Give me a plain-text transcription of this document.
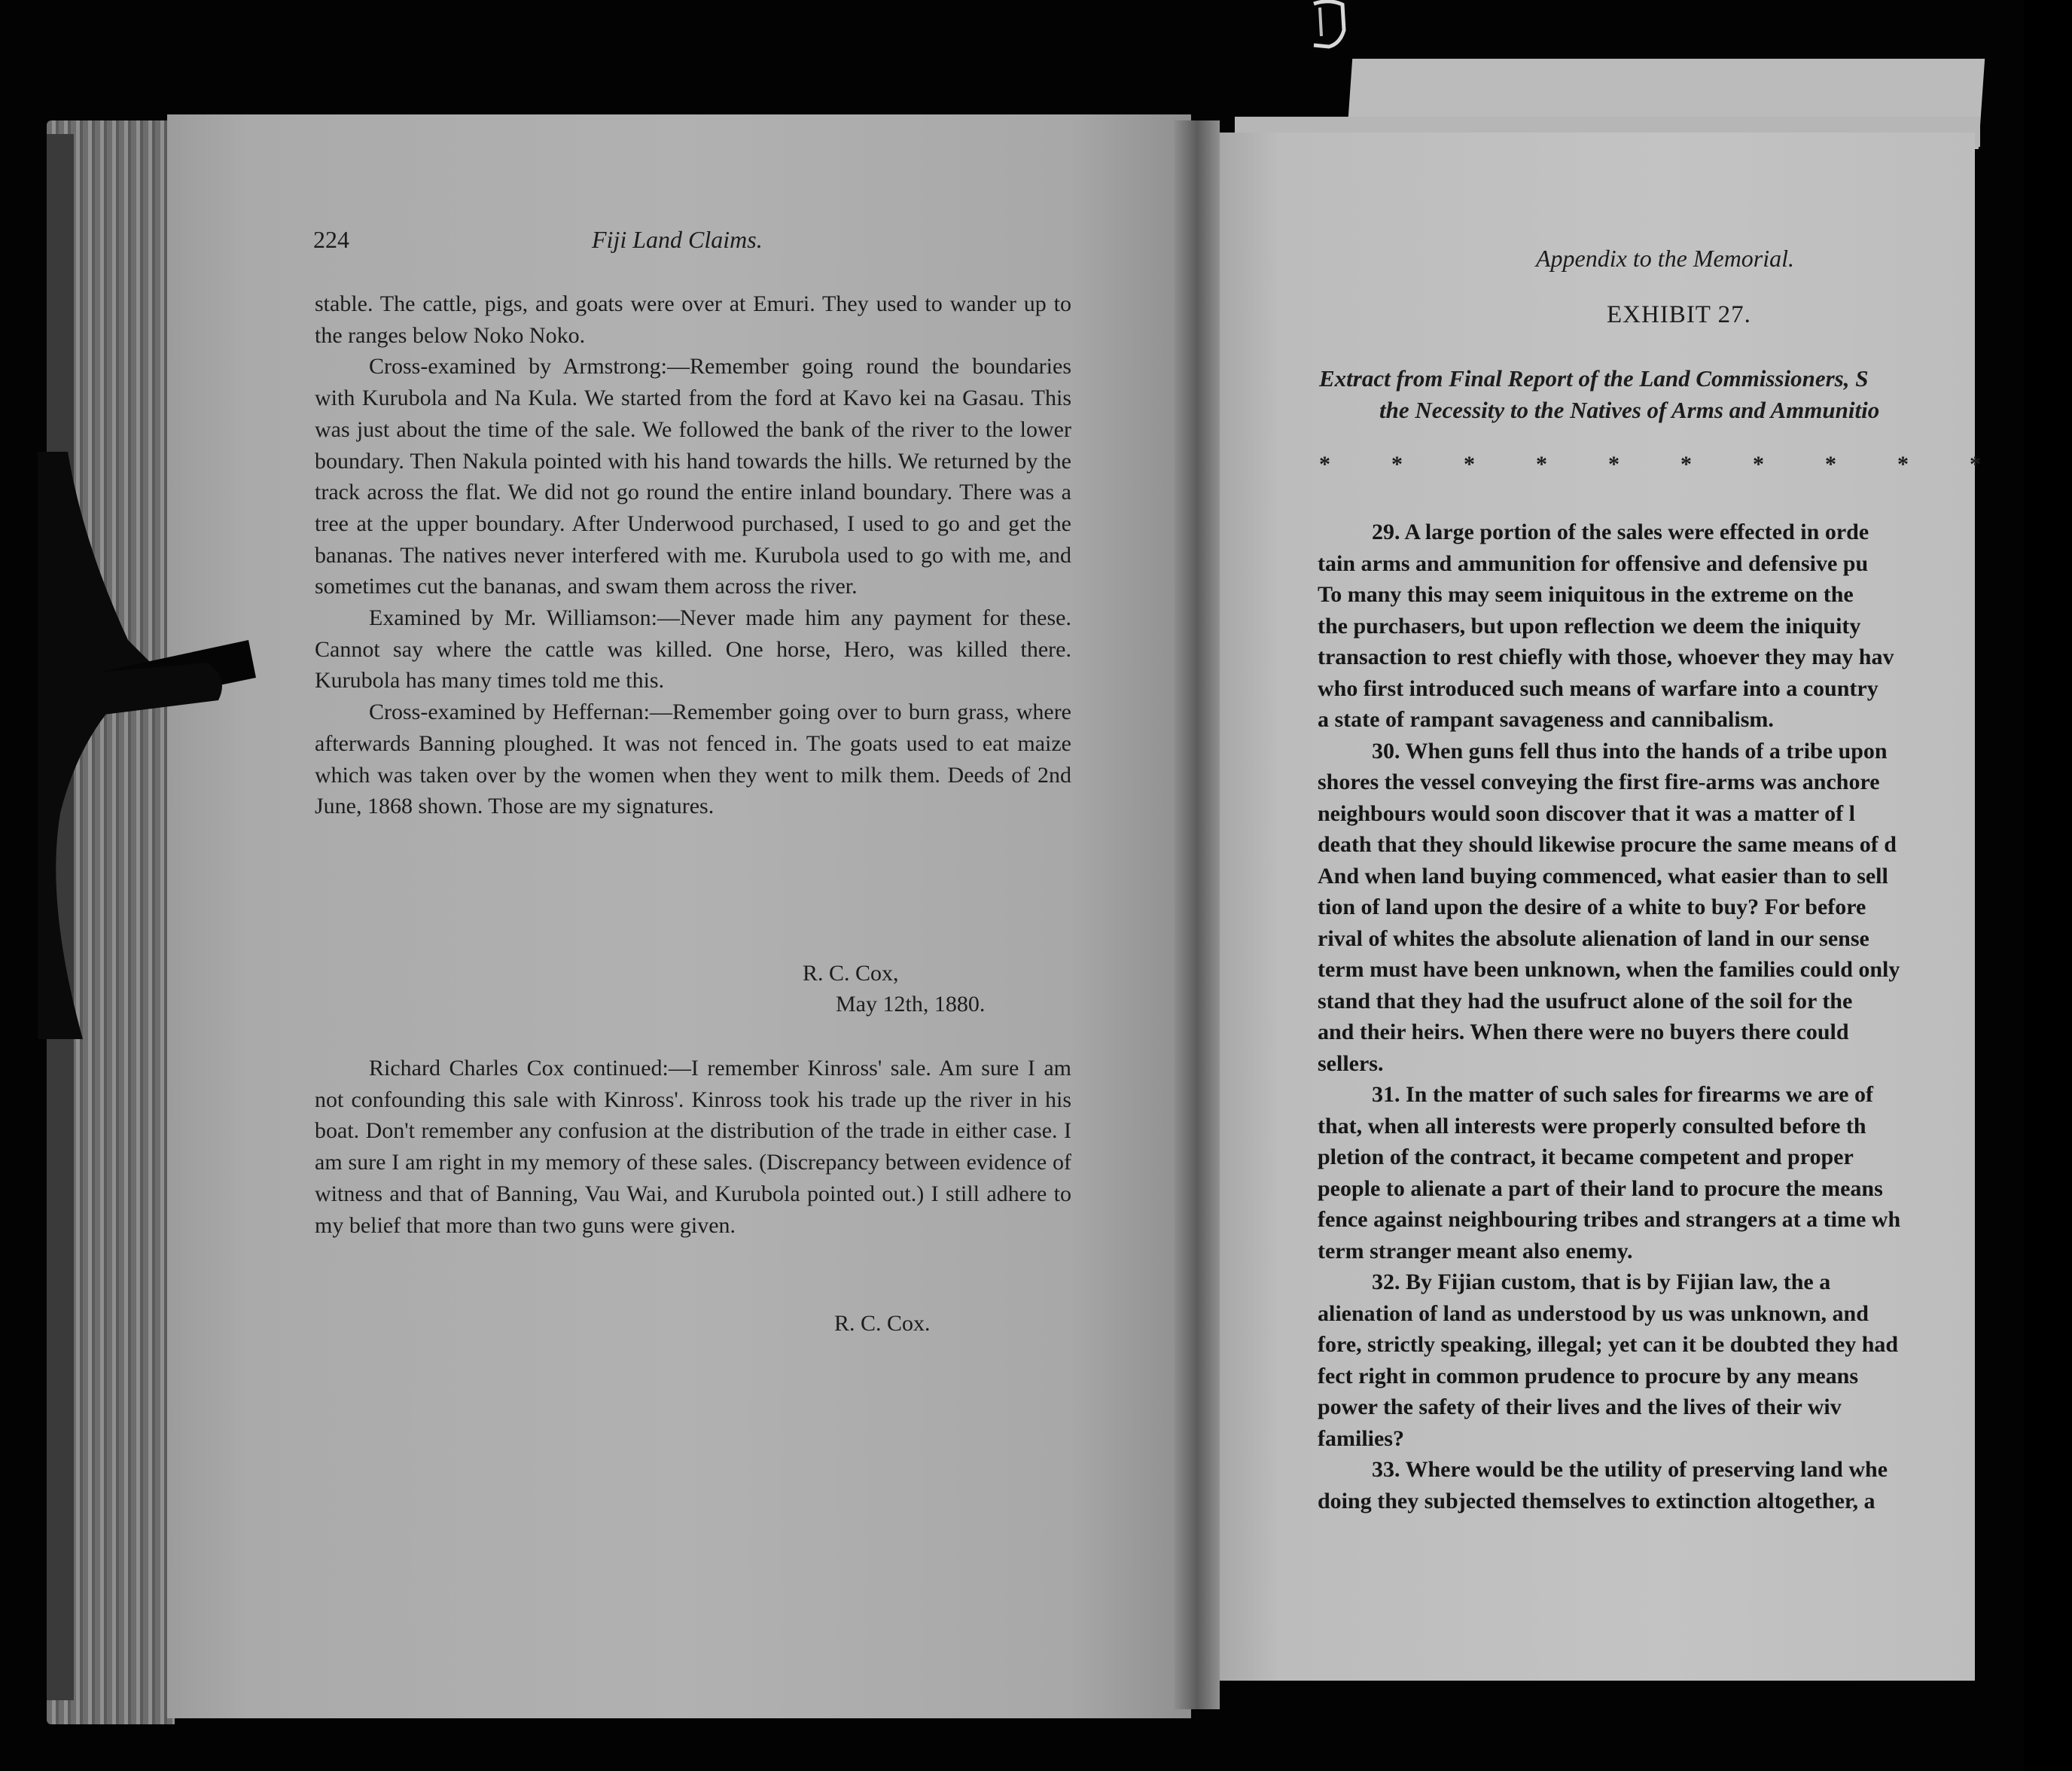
224	Fiji Land Claims.

stable. The cattle, pigs, and goats were over at Emuri. They used to wander up to the ranges below Noko Noko.

Cross-examined by Armstrong:—Remember going round the boundaries with Kurubola and Na Kula. We started from the ford at Kavo kei na Gasau. This was just about the time of the sale. We followed the bank of the river to the lower boundary. Then Nakula pointed with his hand towards the hills. We returned by the track across the flat. We did not go round the entire inland boundary. There was a tree at the upper boundary. After Underwood purchased, I used to go and get the bananas. The natives never interfered with me. Kurubola used to go with me, and sometimes cut the bananas, and swam them across the river.

Examined by Mr. Williamson:—Never made him any payment for these. Cannot say where the cattle was killed. One horse, Hero, was killed there. Kurubola has many times told me this.

Cross-examined by Heffernan:—Remember going over to burn grass, where afterwards Banning ploughed. It was not fenced in. The goats used to eat maize which was taken over by the women when they went to milk them. Deeds of 2nd June, 1868 shown. Those are my signatures.

R. C. Cox,
May 12th, 1880.

Richard Charles Cox continued:—I remember Kinross' sale. Am sure I am not confounding this sale with Kinross'. Kinross took his trade up the river in his boat. Don't remember any confusion at the distribution of the trade in either case. I am sure I am right in my memory of these sales. (Discrepancy between evidence of witness and that of Banning, Vau Wai, and Kurubola pointed out.) I still adhere to my belief that more than two guns were given.

R. C. Cox.
Appendix to the Memorial.
EXHIBIT 27.
Extract from Final Report of the Land Commissioners, S
the Necessity to the Natives of Arms and Ammunitio
*	*	*	*	*	*	*	*	*	*
29. A large portion of the sales were effected in orde
tain arms and ammunition for offensive and defensive pu
To many this may seem iniquitous in the extreme on the
the purchasers, but upon reflection we deem the iniquity
transaction to rest chiefly with those, whoever they may hav
who first introduced such means of warfare into a country
a state of rampant savageness and cannibalism.
30. When guns fell thus into the hands of a tribe upon
shores the vessel conveying the first fire-arms was anchore
neighbours would soon discover that it was a matter of l
death that they should likewise procure the same means of d
And when land buying commenced, what easier than to sell
tion of land upon the desire of a white to buy? For before
rival of whites the absolute alienation of land in our sense
term must have been unknown, when the families could only
stand that they had the usufruct alone of the soil for the
and their heirs. When there were no buyers there could
sellers.
31. In the matter of such sales for firearms we are of
that, when all interests were properly consulted before th
pletion of the contract, it became competent and proper
people to alienate a part of their land to procure the means
fence against neighbouring tribes and strangers at a time wh
term stranger meant also enemy.
32. By Fijian custom, that is by Fijian law, the a
alienation of land as understood by us was unknown, and
fore, strictly speaking, illegal; yet can it be doubted they had
fect right in common prudence to procure by any means
power the safety of their lives and the lives of their wiv
families?
33. Where would be the utility of preserving land whe
doing they subjected themselves to extinction altogether, a
